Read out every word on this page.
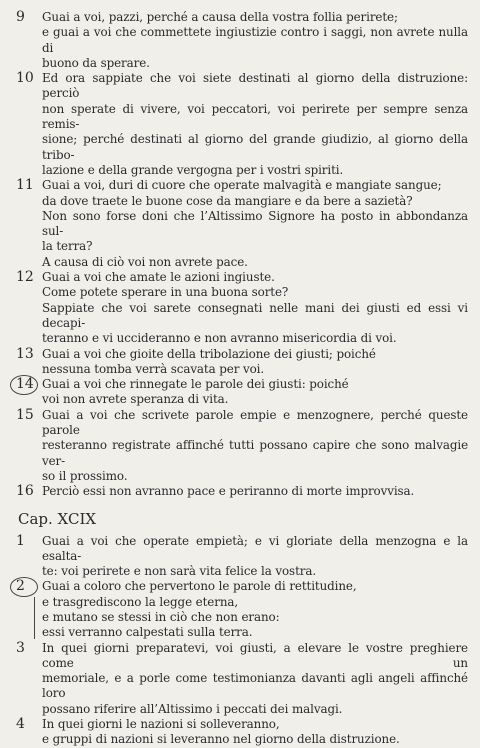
9	Guai a voi, pazzi, perché a causa della vostra follia perirete;
e guai a voi che commettete ingiustizie contro i saggi, non avrete nulla di
buono da sperare.
10 Ed ora sappiate che voi siete destinati al giorno della distruzione: perciò
non sperate di vivere, voi peccatori, voi perirete per sempre senza remis-
sione; perché destinati al giorno del grande giudizio, al giorno della tribo-
lazione e della grande vergogna per i vostri spiriti.
11 Guai a voi, duri di cuore che operate malvagità e mangiate sangue;
da dove traete le buone cose da mangiare e da bere a sazietà?
Non sono forse doni che l’Altissimo Signore ha posto in abbondanza sul-
la terra?
A causa di ciò voi non avrete pace.
12 Guai a voi che amate le azioni ingiuste.
Come potete sperare in una buona sorte?
Sappiate che voi sarete consegnati nelle mani dei giusti ed essi vi decapi-
teranno e vi uccideranno e non avranno misericordia di voi.
13 Guai a voi che gioite della tribolazione dei giusti; poiché
nessuna tomba verrà scavata per voi.
14 Guai a voi che rinnegate le parole dei giusti: poiché
voi non avrete speranza di vita.
15 Guai a voi che scrivete parole empie e menzognere, perché queste parole
resteranno registrate affinché tutti possano capire che sono malvagie ver-
so il prossimo.
16 Perciò essi non avranno pace e periranno di morte improvvisa.
Cap. XCIX
1	Guai a voi che operate empietà; e vi gloriate della menzogna e la esalta-
te: voi perirete e non sarà vita felice la vostra.
2	Guai a coloro che pervertono le parole di rettitudine,
e trasgrediscono la legge eterna,
e mutano se stessi in ciò che non erano:
essi verranno calpestati sulla terra.
3	In quei giorni preparatevi, voi giusti, a elevare le vostre preghiere come un
memoriale, e a porle come testimonianza davanti agli angeli affinché loro
possano riferire all’Altissimo i peccati dei malvagi.
4	In quei giorni le nazioni si solleveranno,
e gruppi di nazioni si leveranno nel giorno della distruzione.
